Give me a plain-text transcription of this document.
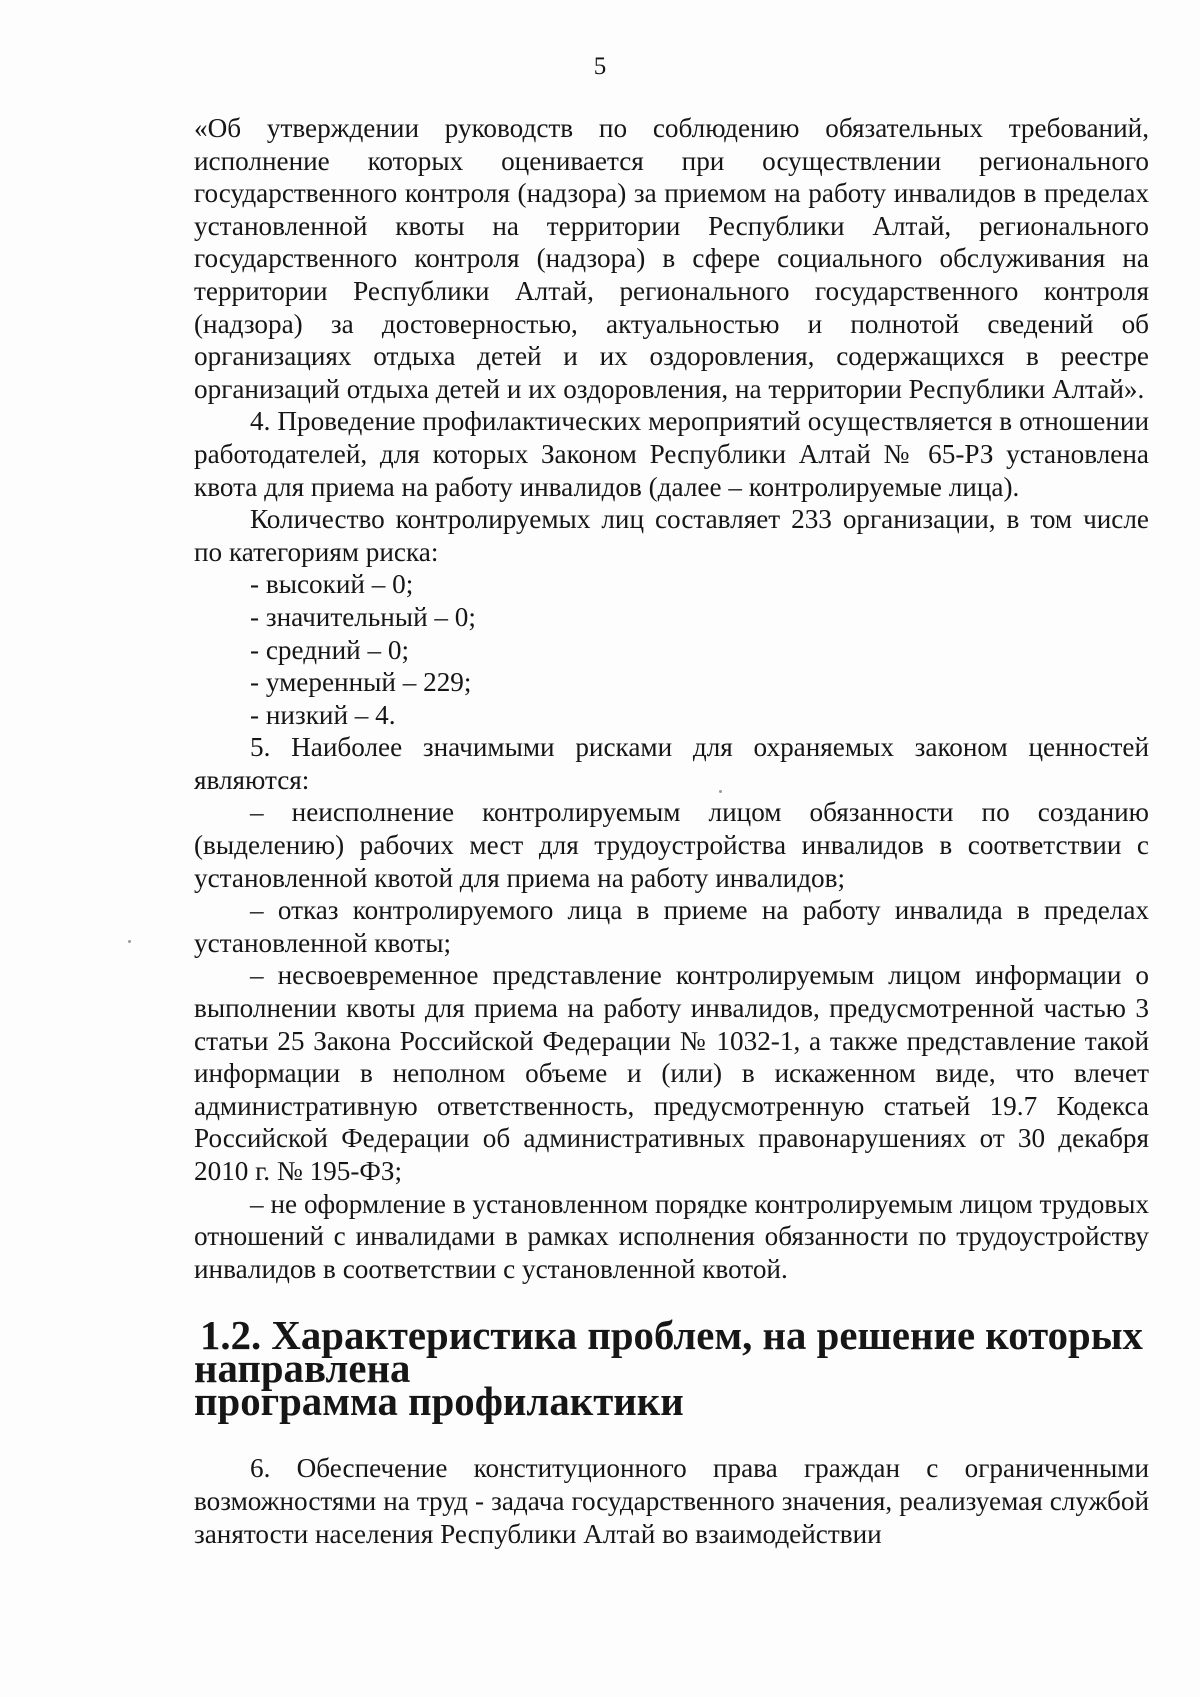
5

«Об утверждении руководств по соблюдению обязательных требований, исполнение которых оценивается при осуществлении регионального государственного контроля (надзора) за приемом на работу инвалидов в пределах установленной квоты на территории Республики Алтай, регионального государственного контроля (надзора) в сфере социального обслуживания на территории Республики Алтай, регионального государственного контроля (надзора) за достоверностью, актуальностью и полнотой сведений об организациях отдыха детей и их оздоровления, содержащихся в реестре организаций отдыха детей и их оздоровления, на территории Республики Алтай».

4. Проведение профилактических мероприятий осуществляется в отношении работодателей, для которых Законом Республики Алтай № 65-РЗ установлена квота для приема на работу инвалидов (далее – контролируемые лица).

Количество контролируемых лиц составляет 233 организации, в том числе по категориям риска:

- высокий – 0;

- значительный – 0;

- средний – 0;

- умеренный – 229;

- низкий – 4.

5. Наиболее значимыми рисками для охраняемых законом ценностей являются:

– неисполнение контролируемым лицом обязанности по созданию (выделению) рабочих мест для трудоустройства инвалидов в соответствии с установленной квотой для приема на работу инвалидов;

– отказ контролируемого лица в приеме на работу инвалида в пределах установленной квоты;

– несвоевременное представление контролируемым лицом информации о выполнении квоты для приема на работу инвалидов, предусмотренной частью 3 статьи 25 Закона Российской Федерации № 1032-1, а также представление такой информации в неполном объеме и (или) в искаженном виде, что влечет административную ответственность, предусмотренную статьей 19.7 Кодекса Российской Федерации об административных правонарушениях от 30 декабря 2010 г. № 195-ФЗ;

– не оформление в установленном порядке контролируемым лицом трудовых отношений с инвалидами в рамках исполнения обязанности по трудоустройству инвалидов в соответствии с установленной квотой.

1.2. Характеристика проблем, на решение которых направлена
программа профилактики

6. Обеспечение конституционного права граждан с ограниченными возможностями на труд - задача государственного значения, реализуемая службой занятости населения Республики Алтай во взаимодействии
